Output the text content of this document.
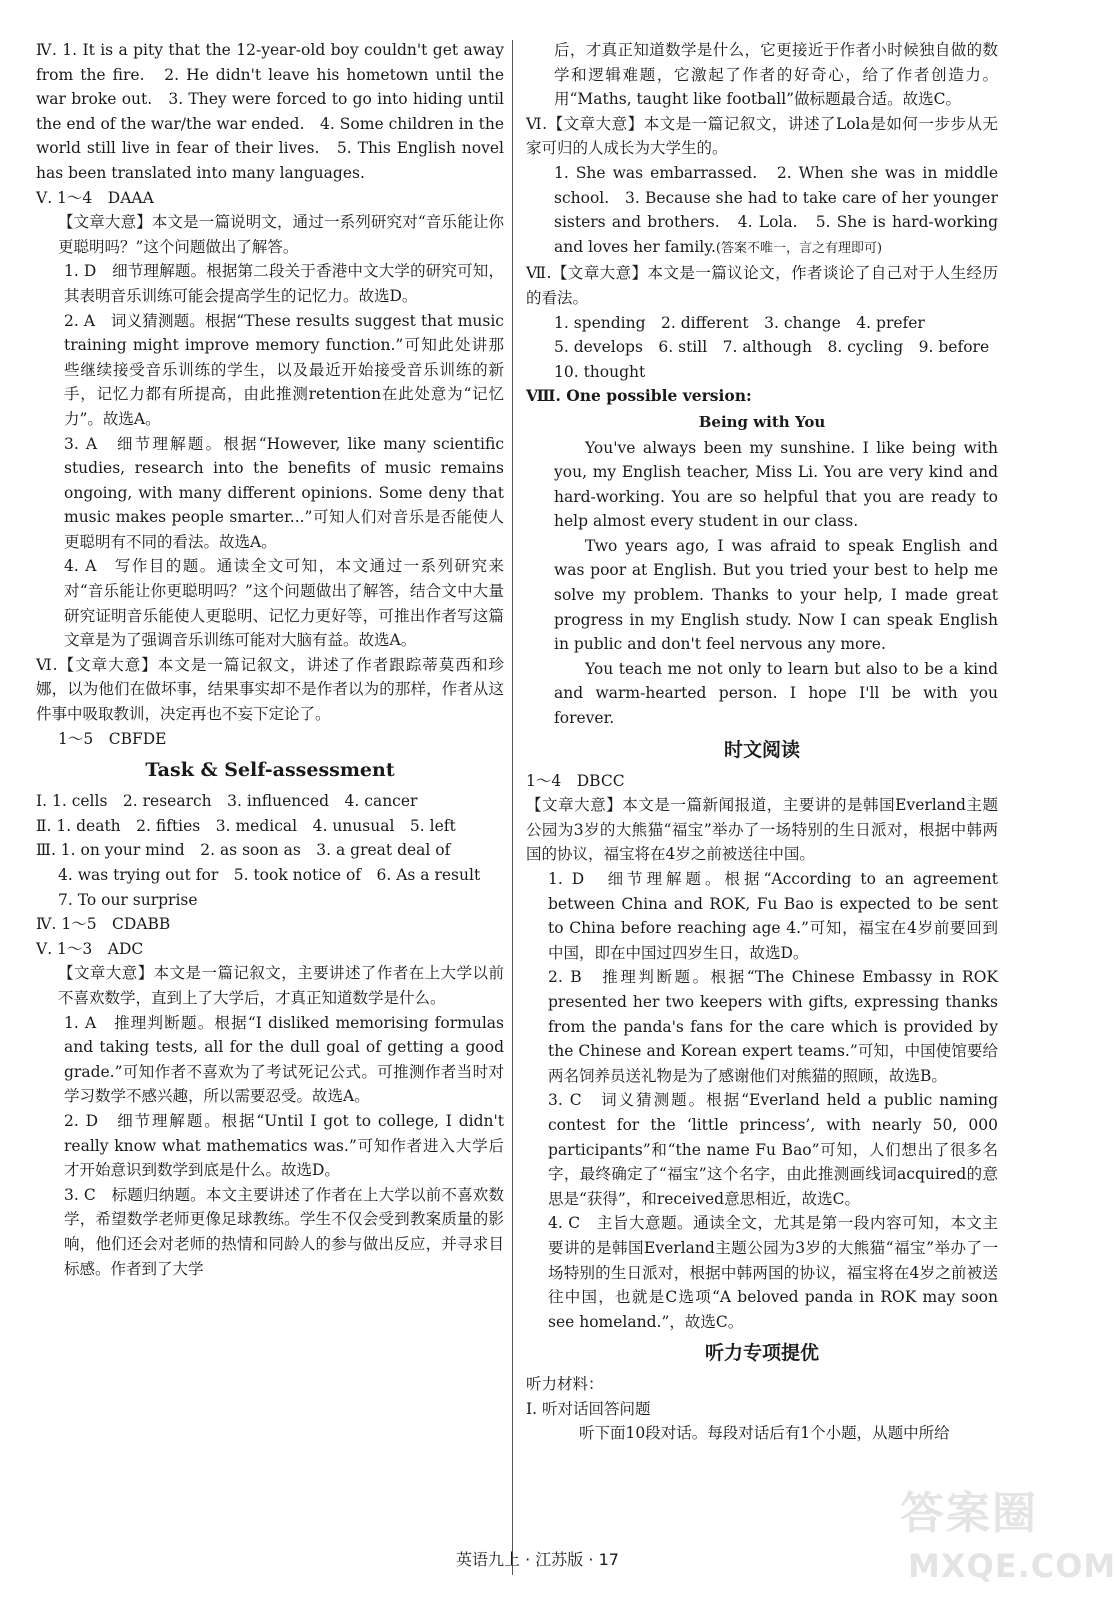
Ⅳ. 1. It is a pity that the 12-year-old boy couldn't get away from the fire.　2. He didn't leave his hometown until the war broke out.　3. They were forced to go into hiding until the end of the war/the war ended.　4. Some children in the world still live in fear of their lives.　5. This English novel has been translated into many languages.

Ⅴ. 1～4　DAAA

【文章大意】本文是一篇说明文，通过一系列研究对“音乐能让你更聪明吗？”这个问题做出了解答。

1. D　细节理解题。根据第二段关于香港中文大学的研究可知，其表明音乐训练可能会提高学生的记忆力。故选D。

2. A　词义猜测题。根据“These results suggest that music training might improve memory function.”可知此处讲那些继续接受音乐训练的学生，以及最近开始接受音乐训练的新手，记忆力都有所提高，由此推测retention在此处意为“记忆力”。故选A。

3. A　细节理解题。根据“However, like many scientific studies, research into the benefits of music remains ongoing, with many different opinions. Some deny that music makes people smarter...”可知人们对音乐是否能使人更聪明有不同的看法。故选A。

4. A　写作目的题。通读全文可知，本文通过一系列研究来对“音乐能让你更聪明吗？”这个问题做出了解答，结合文中大量研究证明音乐能使人更聪明、记忆力更好等，可推出作者写这篇文章是为了强调音乐训练可能对大脑有益。故选A。

Ⅵ.【文章大意】本文是一篇记叙文，讲述了作者跟踪蒂莫西和珍娜，以为他们在做坏事，结果事实却不是作者以为的那样，作者从这件事中吸取教训，决定再也不妄下定论了。

1～5　CBFDE

Task & Self-assessment

Ⅰ. 1. cells　2. research　3. influenced　4. cancer

Ⅱ. 1. death　2. fifties　3. medical　4. unusual　5. left

Ⅲ. 1. on your mind　2. as soon as　3. a great deal of

4. was trying out for　5. took notice of　6. As a result

7. To our surprise

Ⅳ. 1～5　CDABB

Ⅴ. 1～3　ADC

【文章大意】本文是一篇记叙文，主要讲述了作者在上大学以前不喜欢数学，直到上了大学后，才真正知道数学是什么。

1. A　推理判断题。根据“I disliked memorising formulas and taking tests, all for the dull goal of getting a good grade.”可知作者不喜欢为了考试死记公式。可推测作者当时对学习数学不感兴趣，所以需要忍受。故选A。

2. D　细节理解题。根据“Until I got to college, I didn't really know what mathematics was.”可知作者进入大学后才开始意识到数学到底是什么。故选D。

3. C　标题归纳题。本文主要讲述了作者在上大学以前不喜欢数学，希望数学老师更像足球教练。学生不仅会受到教案质量的影响，他们还会对老师的热情和同龄人的参与做出反应，并寻求目标感。作者到了大学

后，才真正知道数学是什么，它更接近于作者小时候独自做的数学和逻辑难题，它激起了作者的好奇心，给了作者创造力。用“Maths, taught like football”做标题最合适。故选C。

Ⅵ.【文章大意】本文是一篇记叙文，讲述了Lola是如何一步步从无家可归的人成长为大学生的。

1. She was embarrassed.　2. When she was in middle school.　3. Because she had to take care of her younger sisters and brothers.　4. Lola.　5. She is hard-working and loves her family.(答案不唯一，言之有理即可)

Ⅶ.【文章大意】本文是一篇议论文，作者谈论了自己对于人生经历的看法。

1. spending　2. different　3. change　4. prefer

5. develops　6. still　7. although　8. cycling　9. before

10. thought

Ⅷ. One possible version:

Being with You

You've always been my sunshine. I like being with you, my English teacher, Miss Li. You are very kind and hard-working. You are so helpful that you are ready to help almost every student in our class.

Two years ago, I was afraid to speak English and was poor at English. But you tried your best to help me solve my problem. Thanks to your help, I made great progress in my English study. Now I can speak English in public and don't feel nervous any more.

You teach me not only to learn but also to be a kind and warm-hearted person. I hope I'll be with you forever.

时文阅读

1～4　DBCC

【文章大意】本文是一篇新闻报道，主要讲的是韩国Everland主题公园为3岁的大熊猫“福宝”举办了一场特别的生日派对，根据中韩两国的协议，福宝将在4岁之前被送往中国。

1. D　细节理解题。根据“According to an agreement between China and ROK, Fu Bao is expected to be sent to China before reaching age 4.”可知，福宝在4岁前要回到中国，即在中国过四岁生日，故选D。

2. B　推理判断题。根据“The Chinese Embassy in ROK presented her two keepers with gifts, expressing thanks from the panda's fans for the care which is provided by the Chinese and Korean expert teams.”可知，中国使馆要给两名饲养员送礼物是为了感谢他们对熊猫的照顾，故选B。

3. C　词义猜测题。根据“Everland held a public naming contest for the ‘little princess’, with nearly 50, 000 participants”和“the name Fu Bao”可知，人们想出了很多名字，最终确定了“福宝”这个名字，由此推测画线词acquired的意思是“获得”，和received意思相近，故选C。

4. C　主旨大意题。通读全文，尤其是第一段内容可知，本文主要讲的是韩国Everland主题公园为3岁的大熊猫“福宝”举办了一场特别的生日派对，根据中韩两国的协议，福宝将在4岁之前被送往中国，也就是C选项“A beloved panda in ROK may soon see homeland.”，故选C。

听力专项提优

听力材料：

Ⅰ. 听对话回答问题

听下面10段对话。每段对话后有1个小题，从题中所给

英语九上 · 江苏版 · 17
答案圈
MXQE.COM
